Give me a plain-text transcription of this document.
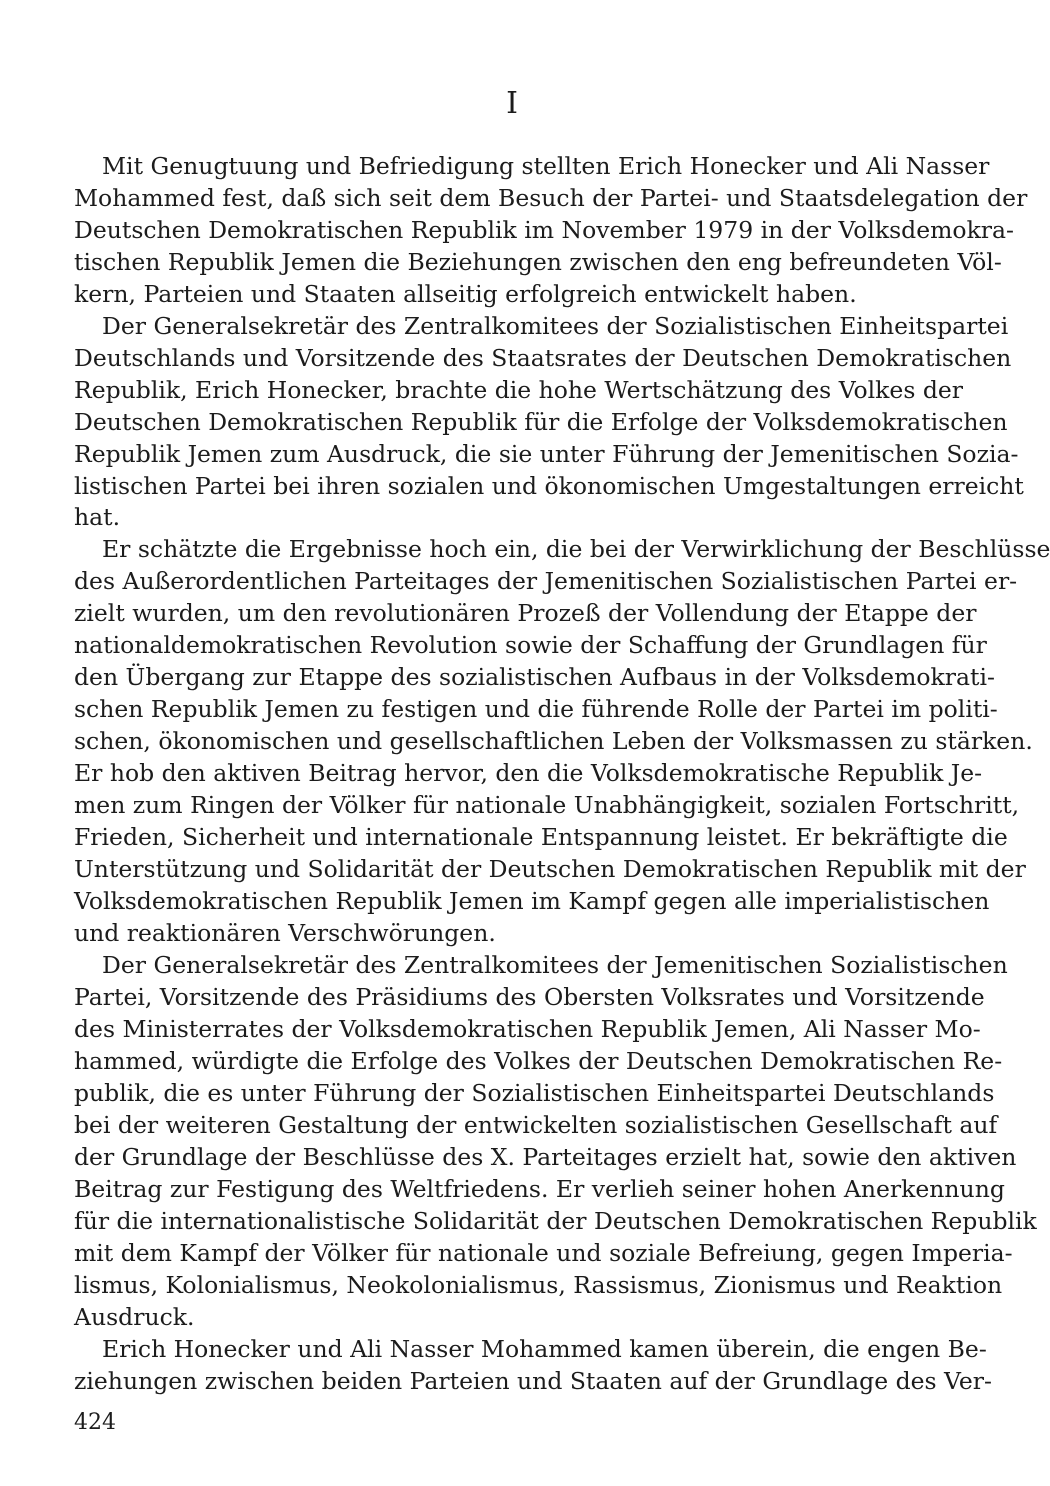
I
Mit Genugtuung und Befriedigung stellten Erich Honecker und Ali Nasser
Mohammed fest, daß sich seit dem Besuch der Partei- und Staatsdelegation der
Deutschen Demokratischen Republik im November 1979 in der Volksdemokra-
tischen Republik Jemen die Beziehungen zwischen den eng befreundeten Völ-
kern, Parteien und Staaten allseitig erfolgreich entwickelt haben.
Der Generalsekretär des Zentralkomitees der Sozialistischen Einheitspartei
Deutschlands und Vorsitzende des Staatsrates der Deutschen Demokratischen
Republik, Erich Honecker, brachte die hohe Wertschätzung des Volkes der
Deutschen Demokratischen Republik für die Erfolge der Volksdemokratischen
Republik Jemen zum Ausdruck, die sie unter Führung der Jemenitischen Sozia-
listischen Partei bei ihren sozialen und ökonomischen Umgestaltungen erreicht
hat.
Er schätzte die Ergebnisse hoch ein, die bei der Verwirklichung der Beschlüsse
des Außerordentlichen Parteitages der Jemenitischen Sozialistischen Partei er-
zielt wurden, um den revolutionären Prozeß der Vollendung der Etappe der
nationaldemokratischen Revolution sowie der Schaffung der Grundlagen für
den Übergang zur Etappe des sozialistischen Aufbaus in der Volksdemokrati-
schen Republik Jemen zu festigen und die führende Rolle der Partei im politi-
schen, ökonomischen und gesellschaftlichen Leben der Volksmassen zu stärken.
Er hob den aktiven Beitrag hervor, den die Volksdemokratische Republik Je-
men zum Ringen der Völker für nationale Unabhängigkeit, sozialen Fortschritt,
Frieden, Sicherheit und internationale Entspannung leistet. Er bekräftigte die
Unterstützung und Solidarität der Deutschen Demokratischen Republik mit der
Volksdemokratischen Republik Jemen im Kampf gegen alle imperialistischen
und reaktionären Verschwörungen.
Der Generalsekretär des Zentralkomitees der Jemenitischen Sozialistischen
Partei, Vorsitzende des Präsidiums des Obersten Volksrates und Vorsitzende
des Ministerrates der Volksdemokratischen Republik Jemen, Ali Nasser Mo-
hammed, würdigte die Erfolge des Volkes der Deutschen Demokratischen Re-
publik, die es unter Führung der Sozialistischen Einheitspartei Deutschlands
bei der weiteren Gestaltung der entwickelten sozialistischen Gesellschaft auf
der Grundlage der Beschlüsse des X. Parteitages erzielt hat, sowie den aktiven
Beitrag zur Festigung des Weltfriedens. Er verlieh seiner hohen Anerkennung
für die internationalistische Solidarität der Deutschen Demokratischen Republik
mit dem Kampf der Völker für nationale und soziale Befreiung, gegen Imperia-
lismus, Kolonialismus, Neokolonialismus, Rassismus, Zionismus und Reaktion
Ausdruck.
Erich Honecker und Ali Nasser Mohammed kamen überein, die engen Be-
ziehungen zwischen beiden Parteien und Staaten auf der Grundlage des Ver-
424
